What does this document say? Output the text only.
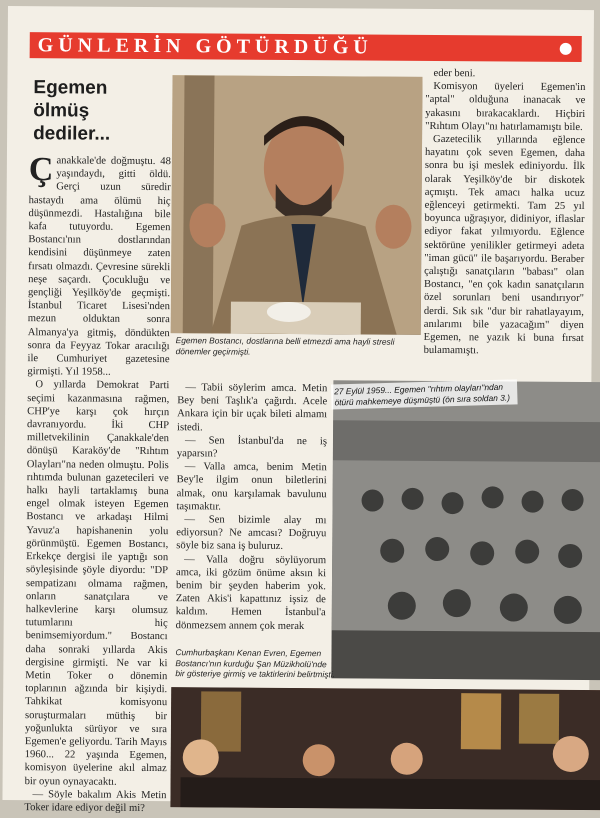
GÜNLERİN GÖTÜRDÜĞÜ
Egemen
ölmüş
dediler...

Çanakkale'de doğmuştu. 48 yaşındaydı, gitti öldü. Gerçi uzun süredir hastaydı ama ölümü hiç düşünmezdi. Hastalığına bile kafa tutuyordu. Egemen Bostancı'nın dostlarından kendisini düşünmeye zaten fırsatı olmazdı. Çevresine sürekli neşe saçardı. Çocukluğu ve gençliği Yeşilköy'de geçmişti. İstanbul Ticaret Lisesi'nden mezun olduktan sonra Almanya'ya gitmiş, döndükten sonra da Feyyaz Tokar aracılığı ile Cumhuriyet gazetesine girmişti. Yıl 1958...

O yıllarda Demokrat Parti seçimi kazanmasına rağmen, CHP'ye karşı çok hırçın davranıyordu. İki CHP milletvekilinin Çanakkale'den dönüşü Karaköy'de "Rıhtım Olayları"na neden olmuştu. Polis rıhtımda bulunan gazetecileri ve halkı hayli tartaklamış buna engel olmak isteyen Egemen Bostancı ve arkadaşı Hilmi Yavuz'a hapishanenin yolu görünmüştü. Egemen Bostancı, Erkekçe dergisi ile yaptığı son söyleşisinde şöyle diyordu: "DP sempatizanı olmama rağmen, onların sanatçılara ve halkevlerine karşı olumsuz tutumlarını hiç benimsemiyordum." Bostancı daha sonraki yıllarda Akis dergisine girmişti. Ne var ki Metin Toker o dönemin toplarının ağzında bir kişiydi. Tahkikat komisyonu soruşturmaları müthiş bir yoğunlukta sürüyor ve sıra Egemen'e geliyordu. Tarih Mayıs 1960... 22 yaşında Egemen, komisyon üyelerine akıl almaz bir oyun oynayacaktı.

— Söyle bakalım Akis Metin Toker idare ediyor değil mi?

Egemen Bostancı, dostlarına belli etmezdi ama hayli stresli dönemler geçirmişti.

— Tabii söylerim amca. Metin Bey beni Taşlık'a çağırdı. Acele Ankara için bir uçak bileti almamı istedi.

— Sen İstanbul'da ne iş yaparsın?

— Valla amca, benim Metin Bey'le ilgim onun biletlerini almak, onu karşılamak bavulunu taşımaktır.

— Sen bizimle alay mı ediyorsun? Ne amcası? Doğruyu söyle biz sana iş buluruz.

— Valla doğru söylüyorum amca, iki gözüm önüme aksın ki benim bir şeyden haberim yok. Zaten Akis'i kapattınız işsiz de kaldım. Hemen İstanbul'a dönmezsem annem çok merak

eder beni.

Komisyon üyeleri Egemen'in "aptal" olduğuna inanacak ve yakasını bırakacaklardı. Hiçbiri "Rıhtım Olayı"nı hatırlamamıştı bile.

Gazetecilik yıllarında eğlence hayatını çok seven Egemen, daha sonra bu işi meslek ediniyordu. İlk olarak Yeşilköy'de bir diskotek açmıştı. Tek amacı halka ucuz eğlenceyi getirmekti. Tam 25 yıl boyunca uğraşıyor, didiniyor, iflaslar ediyor fakat yılmıyordu. Eğlence sektörüne yenilikler getirmeyi adeta "iman gücü" ile başarıyordu. Beraber çalıştığı sanatçıların "babası" olan Bostancı, "en çok kadın sanatçıların özel sorunları beni usandırıyor" derdi. Sık sık "dur bir rahatlayayım, anılarımı bile yazacağım" diyen Egemen, ne yazık ki buna fırsat bulamamıştı.

27 Eylül 1959... Egemen "rıhtım olayları"ndan ötürü mahkemeye düşmüştü (ön sıra soldan 3.)
Cumhurbaşkanı Kenan Evren, Egemen Bostancı'nın kurduğu Şan Müzikholü'nde bir gösteriye girmiş ve taktirlerini belirtmişti.
